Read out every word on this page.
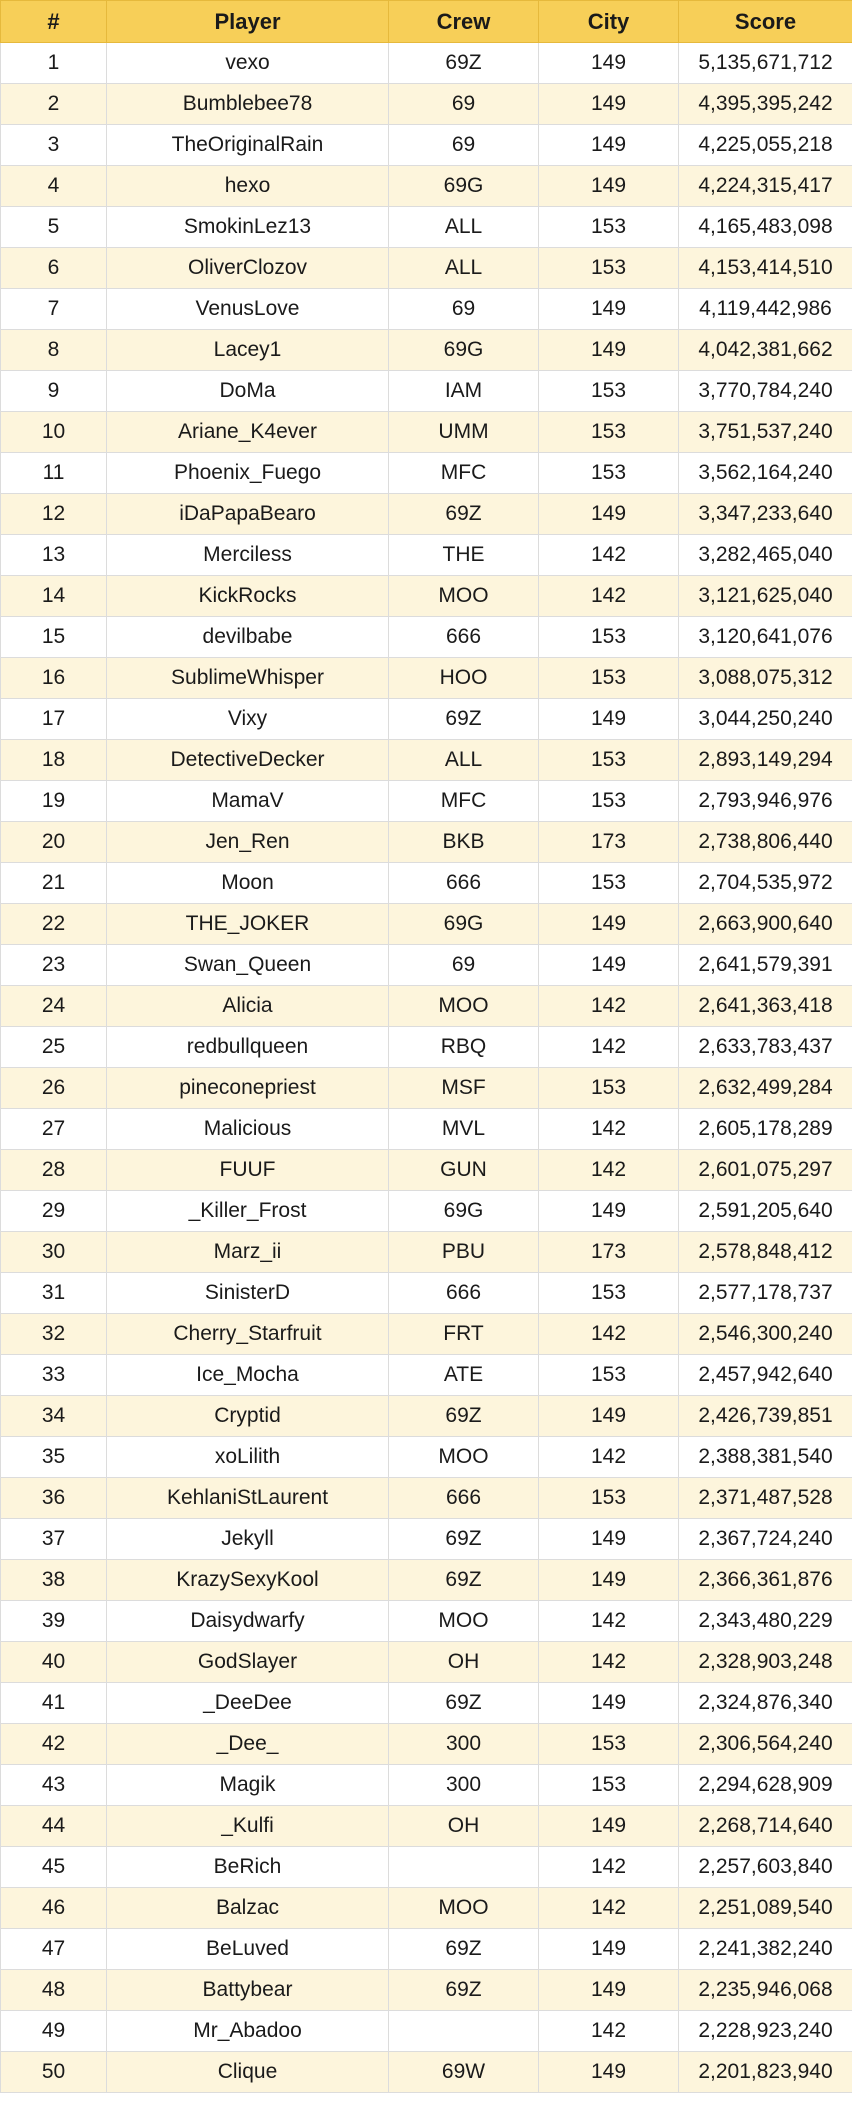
#	Player	Crew	City	Score
1	vexo	69Z	149	5,135,671,712
2	Bumblebee78	69	149	4,395,395,242
3	TheOriginalRain	69	149	4,225,055,218
4	hexo	69G	149	4,224,315,417
5	SmokinLez13	ALL	153	4,165,483,098
6	OliverClozov	ALL	153	4,153,414,510
7	VenusLove	69	149	4,119,442,986
8	Lacey1	69G	149	4,042,381,662
9	DoMa	IAM	153	3,770,784,240
10	Ariane_K4ever	UMM	153	3,751,537,240
11	Phoenix_Fuego	MFC	153	3,562,164,240
12	iDaPapaBearo	69Z	149	3,347,233,640
13	Merciless	THE	142	3,282,465,040
14	KickRocks	MOO	142	3,121,625,040
15	devilbabe	666	153	3,120,641,076
16	SublimeWhisper	HOO	153	3,088,075,312
17	Vixy	69Z	149	3,044,250,240
18	DetectiveDecker	ALL	153	2,893,149,294
19	MamaV	MFC	153	2,793,946,976
20	Jen_Ren	BKB	173	2,738,806,440
21	Moon	666	153	2,704,535,972
22	THE_JOKER	69G	149	2,663,900,640
23	Swan_Queen	69	149	2,641,579,391
24	Alicia	MOO	142	2,641,363,418
25	redbullqueen	RBQ	142	2,633,783,437
26	pineconepriest	MSF	153	2,632,499,284
27	Malicious	MVL	142	2,605,178,289
28	FUUF	GUN	142	2,601,075,297
29	_Killer_Frost	69G	149	2,591,205,640
30	Marz_ii	PBU	173	2,578,848,412
31	SinisterD	666	153	2,577,178,737
32	Cherry_Starfruit	FRT	142	2,546,300,240
33	Ice_Mocha	ATE	153	2,457,942,640
34	Cryptid	69Z	149	2,426,739,851
35	xoLilith	MOO	142	2,388,381,540
36	KehlaniStLaurent	666	153	2,371,487,528
37	Jekyll	69Z	149	2,367,724,240
38	KrazySexyKool	69Z	149	2,366,361,876
39	Daisydwarfy	MOO	142	2,343,480,229
40	GodSlayer	OH	142	2,328,903,248
41	_DeeDee	69Z	149	2,324,876,340
42	_Dee_	300	153	2,306,564,240
43	Magik	300	153	2,294,628,909
44	_Kulfi	OH	149	2,268,714,640
45	BeRich		142	2,257,603,840
46	Balzac	MOO	142	2,251,089,540
47	BeLuved	69Z	149	2,241,382,240
48	Battybear	69Z	149	2,235,946,068
49	Mr_Abadoo		142	2,228,923,240
50	Clique	69W	149	2,201,823,940
